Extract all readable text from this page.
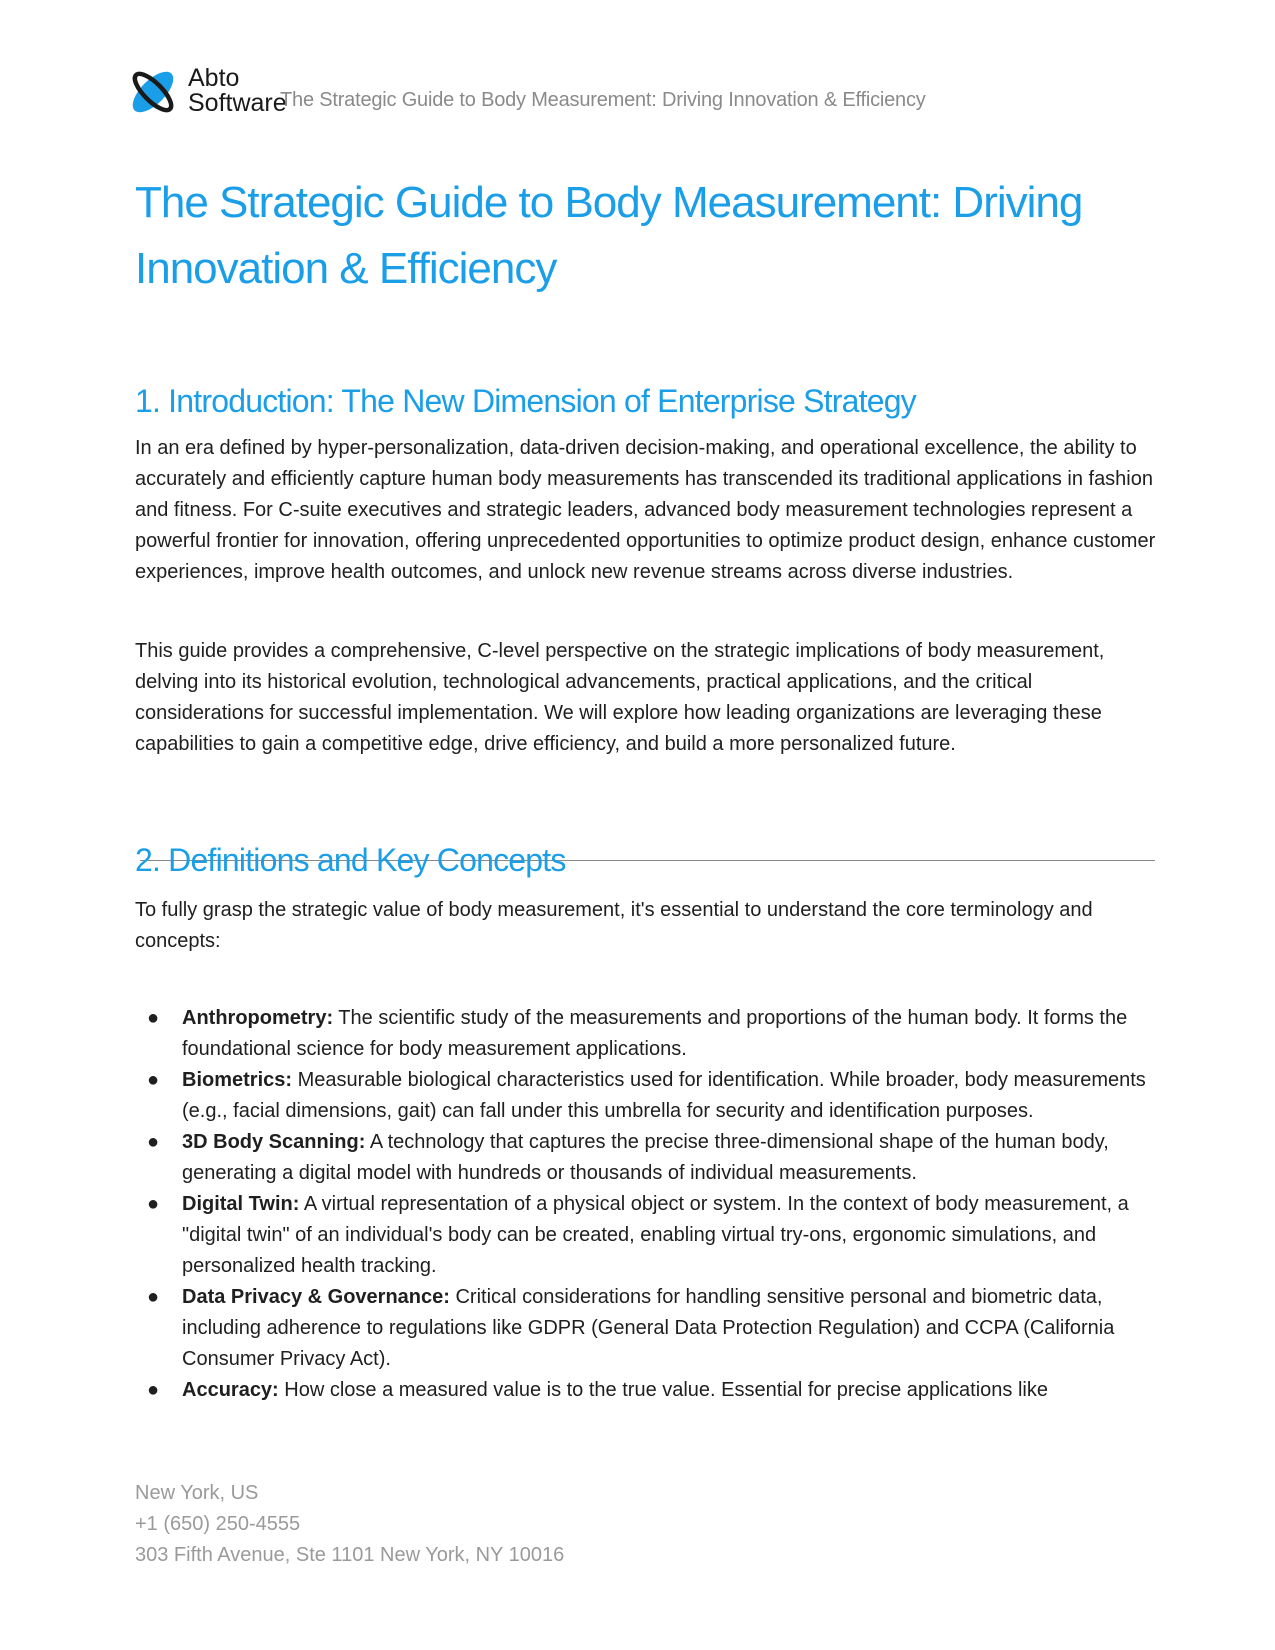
Abto
Software
The Strategic Guide to Body Measurement: Driving Innovation & Efficiency
The Strategic Guide to Body Measurement: Driving Innovation & Efficiency
1. Introduction: The New Dimension of Enterprise Strategy

In an era defined by hyper-personalization, data-driven decision-making, and operational excellence, the ability to accurately and efficiently capture human body measurements has transcended its traditional applications in fashion and fitness. For C-suite executives and strategic leaders, advanced body measurement technologies represent a powerful frontier for innovation, offering unprecedented opportunities to optimize product design, enhance customer experiences, improve health outcomes, and unlock new revenue streams across diverse industries.

This guide provides a comprehensive, C-level perspective on the strategic implications of body measurement, delving into its historical evolution, technological advancements, practical applications, and the critical considerations for successful implementation. We will explore how leading organizations are leveraging these capabilities to gain a competitive edge, drive efficiency, and build a more personalized future.

2. Definitions and Key Concepts

To fully grasp the strategic value of body measurement, it's essential to understand the core terminology and concepts:

● Anthropometry: The scientific study of the measurements and proportions of the human body. It forms the foundational science for body measurement applications.
● Biometrics: Measurable biological characteristics used for identification. While broader, body measurements (e.g., facial dimensions, gait) can fall under this umbrella for security and identification purposes.
● 3D Body Scanning: A technology that captures the precise three-dimensional shape of the human body, generating a digital model with hundreds or thousands of individual measurements.
● Digital Twin: A virtual representation of a physical object or system. In the context of body measurement, a "digital twin" of an individual's body can be created, enabling virtual try-ons, ergonomic simulations, and personalized health tracking.
● Data Privacy & Governance: Critical considerations for handling sensitive personal and biometric data, including adherence to regulations like GDPR (General Data Protection Regulation) and CCPA (California Consumer Privacy Act).
● Accuracy: How close a measured value is to the true value. Essential for precise applications like
New York, US
+1 (650) 250-4555
303 Fifth Avenue, Ste 1101 New York, NY 10016
